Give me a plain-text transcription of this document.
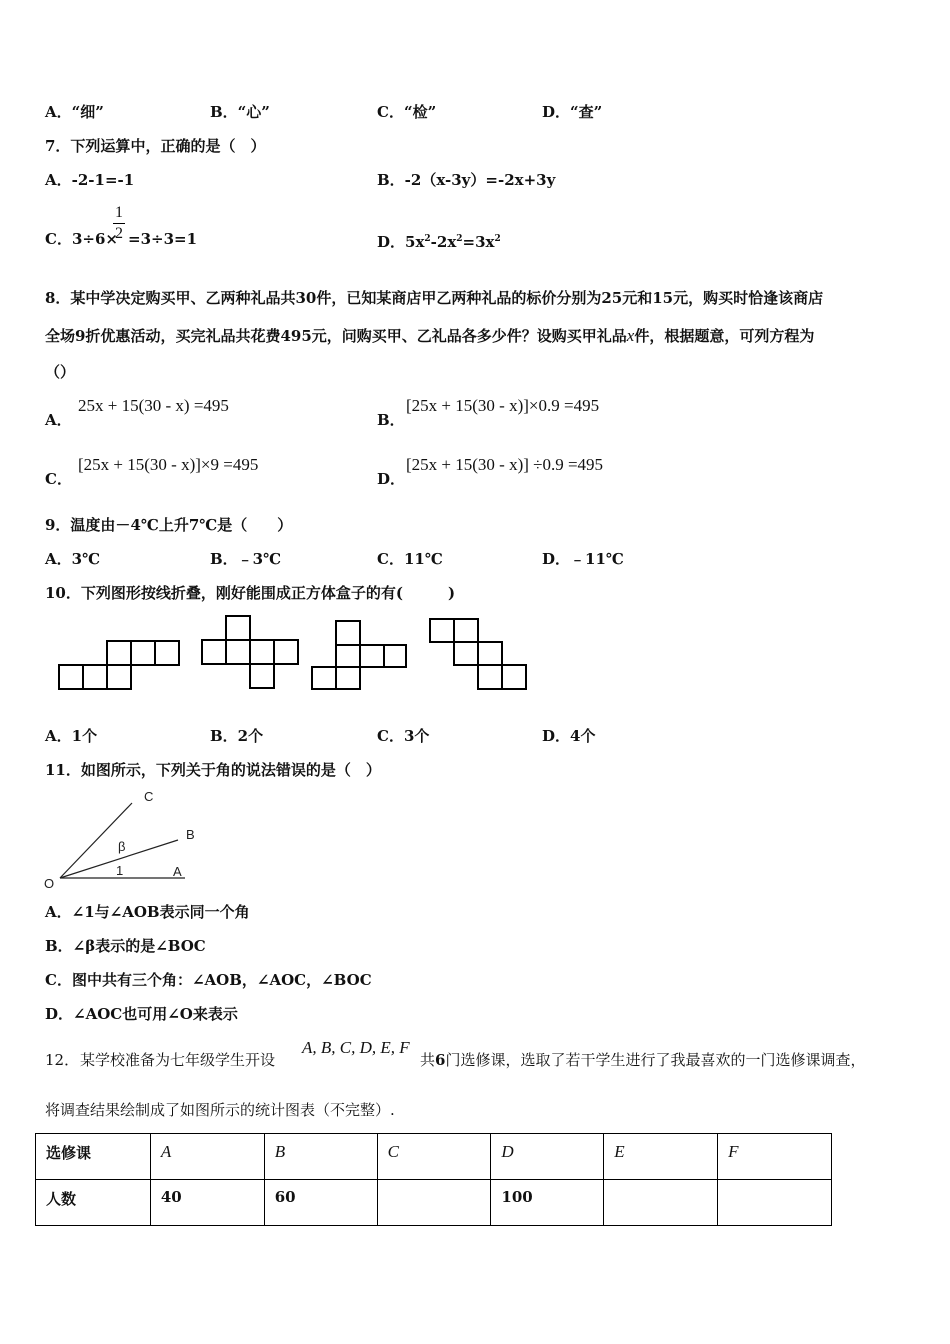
A．“细”	B．“心”	C．“检”	D．“查”
7．下列运算中，正确的是（　）
A．-2-1=-1	B．-2（x-3y）=-2x+3y
C．3÷6×
1
2 =3÷3=1	D．$5x^2-2x^2=3x^2$
8．某中学决定购买甲、乙两种礼品共30件，已知某商店甲乙两种礼品的标价分别为25元和15元，购买时恰逢该商店
全场9折优惠活动，买完礼品共花费495元，问购买甲、乙礼品各多少件？设购买甲礼品x件，根据题意，可列方程为
（）
A．
25x + 15(30 - x) =495
B．
[25x + 15(30 - x)]×0.9 =495
C．
[25x + 15(30 - x)]×9 =495
D．
[25x + 15(30 - x)] ÷0.9 =495
9．温度由－4℃上升7℃是（　　）
A．3℃	B．﹣3℃	C．11℃	D．﹣11℃
10．下列图形按线折叠，刚好能围成正方体盒子的有(　　　)
A．1个	B．2个	C．3个	D．4个
11．如图所示，下列关于角的说法错误的是（　）
O
A
B
C
β
1
A．∠1与∠AOB表示同一个角
B．∠β表示的是∠BOC
C．图中共有三个角：∠AOB，∠AOC，∠BOC
D．∠AOC也可用∠O来表示
12． 某学校准备为七年级学生开设
A, B, C, D, E, F
共6门选修课，选取了若干学生进行了我最喜欢的一门选修课调查，
将调查结果绘制成了如图所示的统计图表（不完整）.
选修课	A	B	C	D	E	F
人数	40	60		100		
